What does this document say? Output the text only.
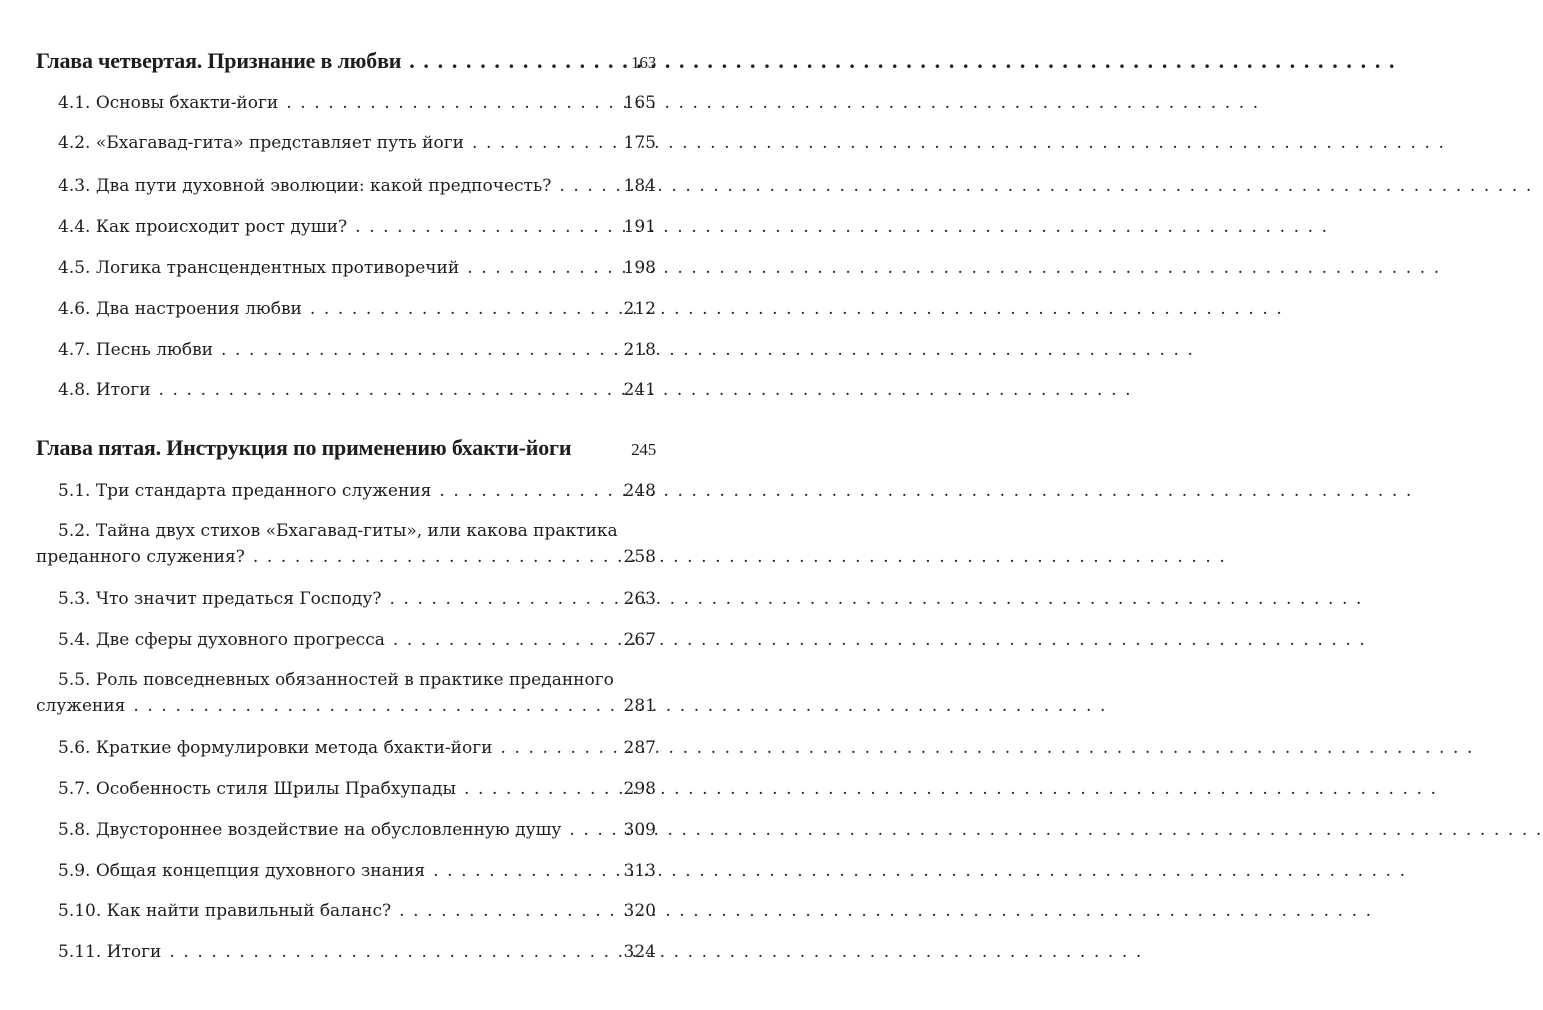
Глава четвертая. Признание в любви . . .	163
4.1. Основы бхакти-йоги . . .	165
4.2. «Бхагавад-гита» представляет путь йоги . . .	175
4.3. Два пути духовной эволюции: какой предпочесть? . . .	184
4.4. Как происходит рост души? . . .	191
4.5. Логика трансцендентных противоречий . . .	198
4.6. Два настроения любви . . .	212
4.7. Песнь любви . . .	218
4.8. Итоги . . .	241
Глава пятая. Инструкция по применению бхакти-йоги	245
5.1. Три стандарта преданного служения . . .	248
5.2. Тайна двух стихов «Бхагавад-гиты», или какова практика
преданного служения? . . .	258
5.3. Что значит предаться Господу? . . .	263
5.4. Две сферы духовного прогресса . . .	267
5.5. Роль повседневных обязанностей в практике преданного
служения . . .	281
5.6. Краткие формулировки метода бхакти-йоги . . .	287
5.7. Особенность стиля Шрилы Прабхупады . . .	298
5.8. Двустороннее воздействие на обусловленную душу . . .	309
5.9. Общая концепция духовного знания . . .	313
5.10. Как найти правильный баланс? . . .	320
5.11. Итоги . . .	324
